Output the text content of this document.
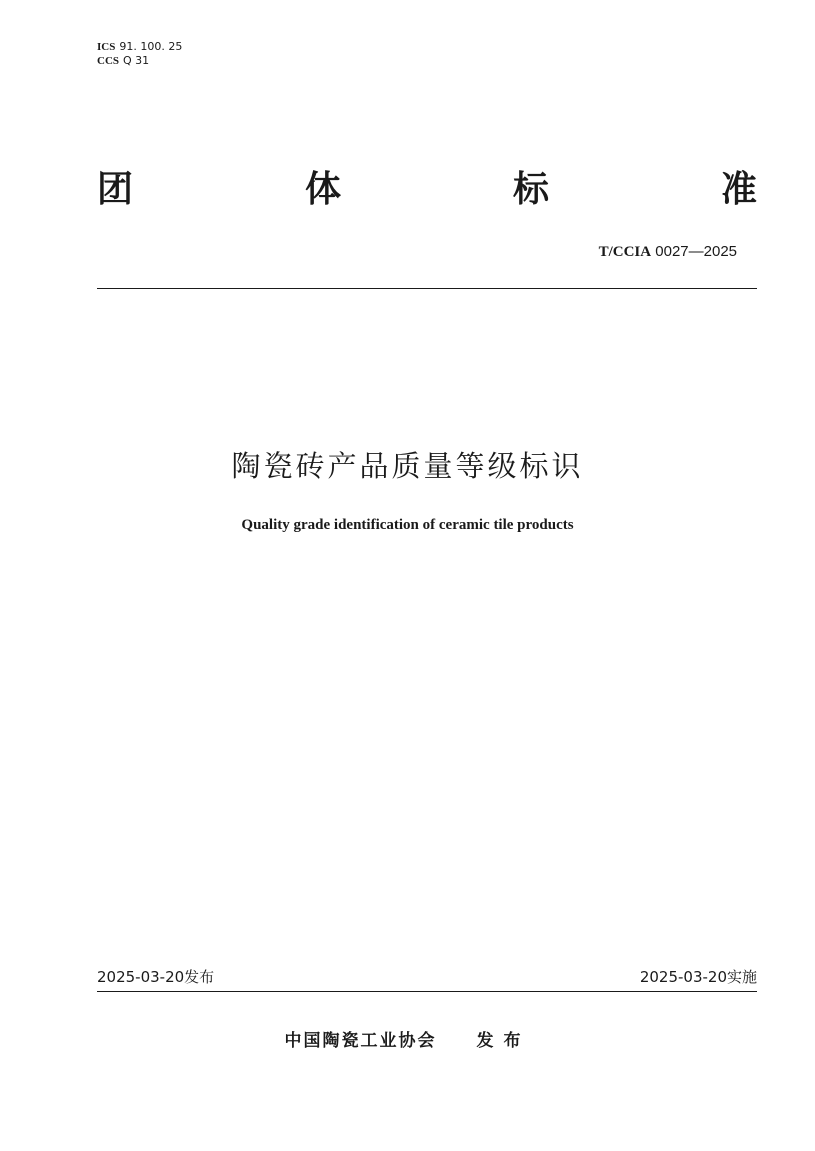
ICS 91. 100. 25
CCS Q 31
团	体	标	准
T/CCIA 0027—2025
陶瓷砖产品质量等级标识
Quality grade identification of ceramic tile products
2025-03-20发布	2025-03-20实施
中国陶瓷工业协会 发布
